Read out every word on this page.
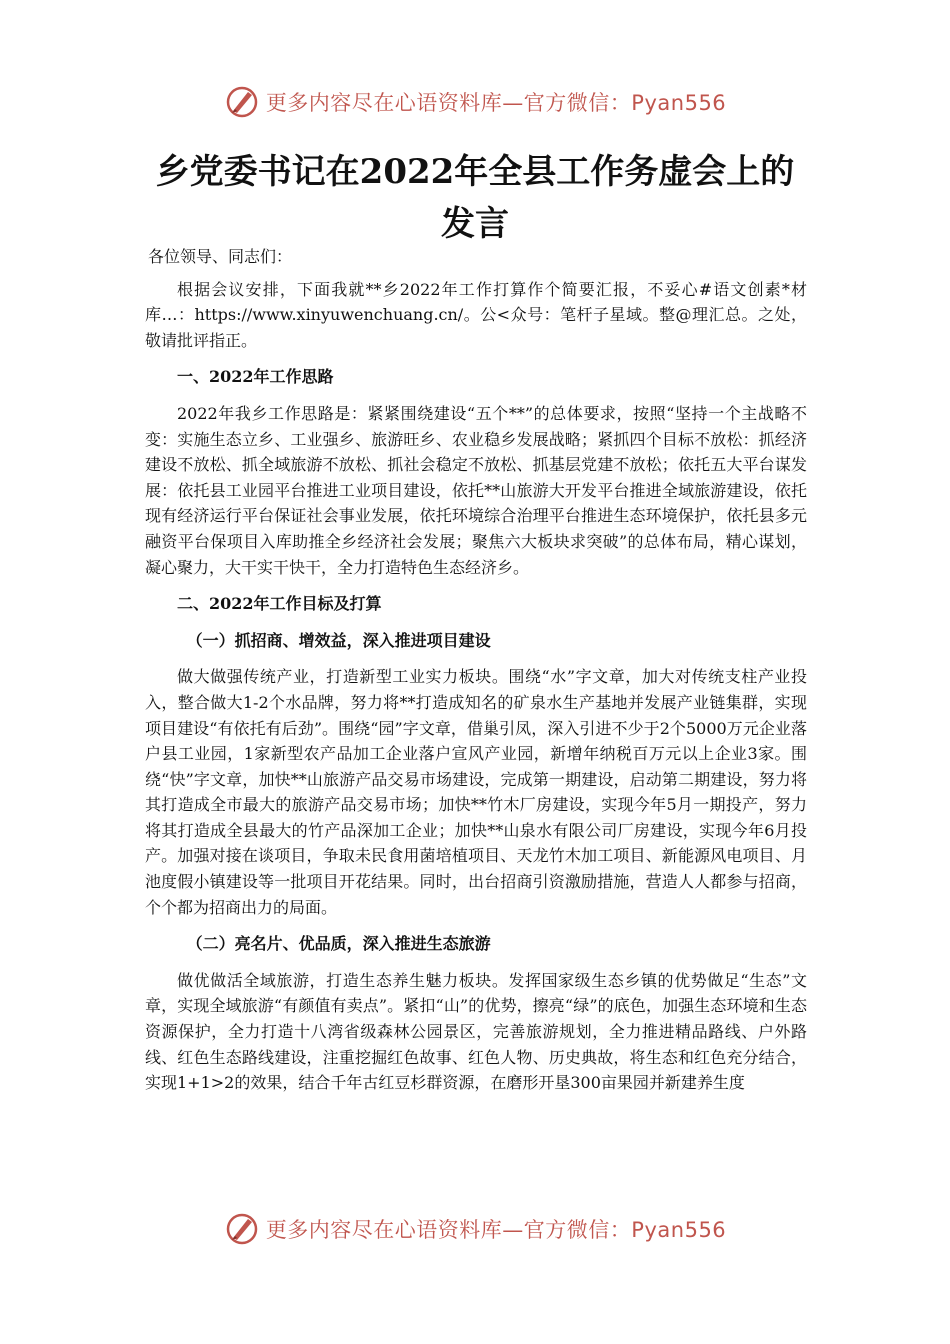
更多内容尽在心语资料库—官方微信：Pyan556
乡党委书记在2022年全县工作务虚会上的
发言

各位领导、同志们：

根据会议安排，下面我就**乡2022年工作打算作个简要汇报，不妥心#语文创素*材库…：https://www.xinyuwenchuang.cn/。公<众号：笔杆子星域。整@理汇总。之处，敬请批评指正。

一、2022年工作思路

2022年我乡工作思路是：紧紧围绕建设“五个**”的总体要求，按照“坚持一个主战略不变：实施生态立乡、工业强乡、旅游旺乡、农业稳乡发展战略；紧抓四个目标不放松：抓经济建设不放松、抓全域旅游不放松、抓社会稳定不放松、抓基层党建不放松；依托五大平台谋发展：依托县工业园平台推进工业项目建设，依托**山旅游大开发平台推进全域旅游建设，依托现有经济运行平台保证社会事业发展，依托环境综合治理平台推进生态环境保护，依托县多元融资平台保项目入库助推全乡经济社会发展；聚焦六大板块求突破”的总体布局，精心谋划，凝心聚力，大干实干快干，全力打造特色生态经济乡。

二、2022年工作目标及打算

（一）抓招商、增效益，深入推进项目建设

做大做强传统产业，打造新型工业实力板块。围绕“水”字文章，加大对传统支柱产业投入，整合做大1-2个水品牌，努力将**打造成知名的矿泉水生产基地并发展产业链集群，实现项目建设“有依托有后劲”。围绕“园”字文章，借巢引凤，深入引进不少于2个5000万元企业落户县工业园，1家新型农产品加工企业落户宣风产业园，新增年纳税百万元以上企业3家。围绕“快”字文章，加快**山旅游产品交易市场建设，完成第一期建设，启动第二期建设，努力将其打造成全市最大的旅游产品交易市场；加快**竹木厂房建设，实现今年5月一期投产，努力将其打造成全县最大的竹产品深加工企业；加快**山泉水有限公司厂房建设，实现今年6月投产。加强对接在谈项目，争取未民食用菌培植项目、天龙竹木加工项目、新能源风电项目、月池度假小镇建设等一批项目开花结果。同时，出台招商引资激励措施，营造人人都参与招商，个个都为招商出力的局面。

（二）亮名片、优品质，深入推进生态旅游

做优做活全域旅游，打造生态养生魅力板块。发挥国家级生态乡镇的优势做足“生态”文章，实现全域旅游“有颜值有卖点”。紧扣“山”的优势，擦亮“绿”的底色，加强生态环境和生态资源保护，全力打造十八湾省级森林公园景区，完善旅游规划，全力推进精品路线、户外路线、红色生态路线建设，注重挖掘红色故事、红色人物、历史典故，将生态和红色充分结合，实现1+1>2的效果，结合千年古红豆杉群资源，在磨形开垦300亩果园并新建养生度

更多内容尽在心语资料库—官方微信：Pyan556
